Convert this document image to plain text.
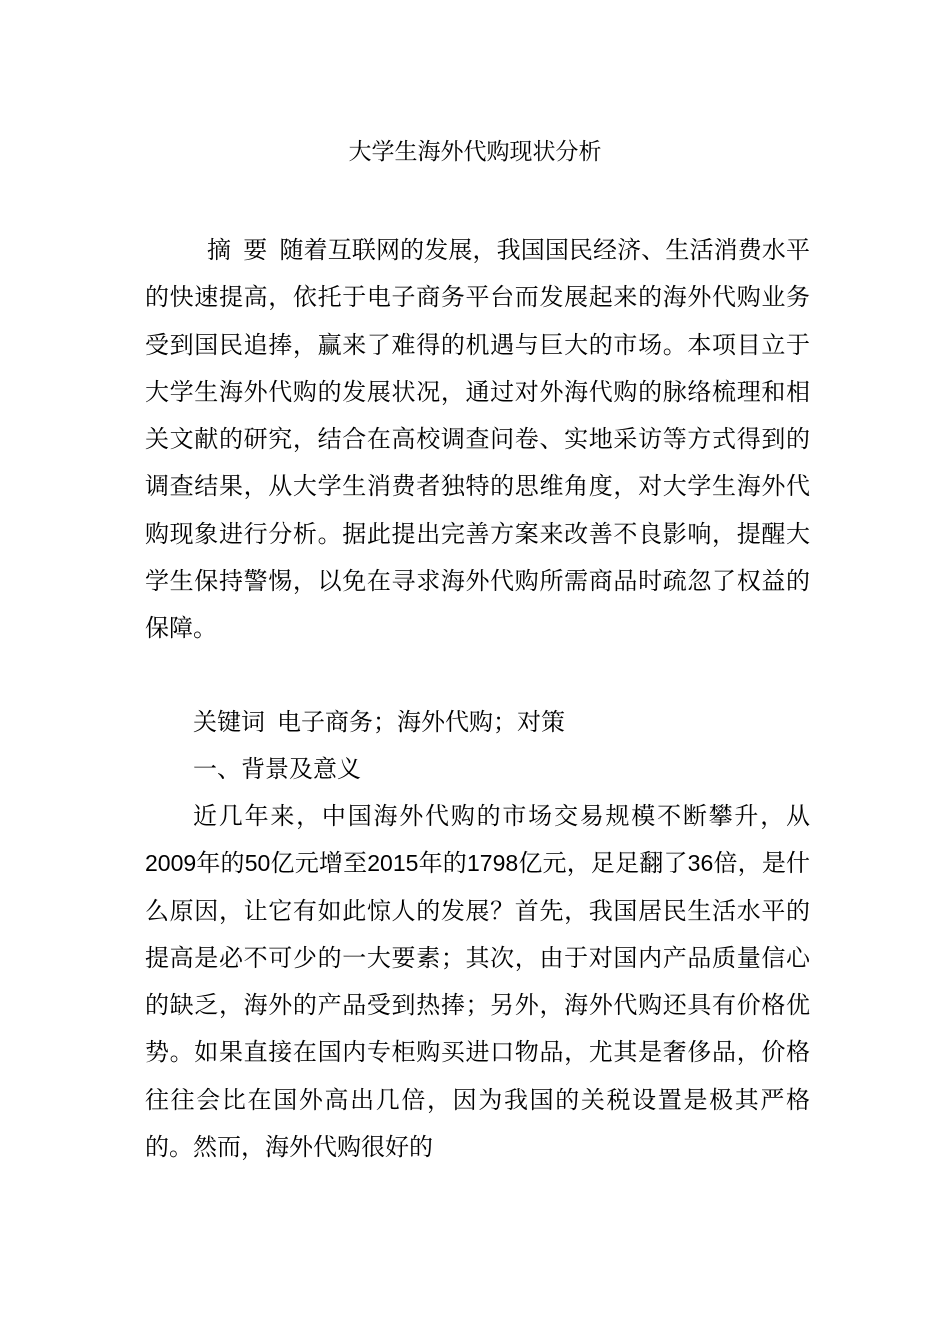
大学生海外代购现状分析

摘 要 随着互联网的发展，我国国民经济、生活消费水平的快速提高，依托于电子商务平台而发展起来的海外代购业务受到国民追捧，赢来了难得的机遇与巨大的市场。本项目立于大学生海外代购的发展状况，通过对外海代购的脉络梳理和相关文献的研究，结合在高校调查问卷、实地采访等方式得到的调查结果，从大学生消费者独特的思维角度，对大学生海外代购现象进行分析。据此提出完善方案来改善不良影响，提醒大学生保持警惕，以免在寻求海外代购所需商品时疏忽了权益的保障。

关键词 电子商务；海外代购；对策

一、背景及意义

近几年来，中国海外代购的市场交易规模不断攀升，从2009年的50亿元增至2015年的1798亿元，足足翻了36倍，是什么原因，让它有如此惊人的发展？首先，我国居民生活水平的提高是必不可少的一大要素；其次，由于对国内产品质量信心的缺乏，海外的产品受到热捧；另外，海外代购还具有价格优势。如果直接在国内专柜购买进口物品，尤其是奢侈品，价格往往会比在国外高出几倍，因为我国的关税设置是极其严格的。然而，海外代购很好的
